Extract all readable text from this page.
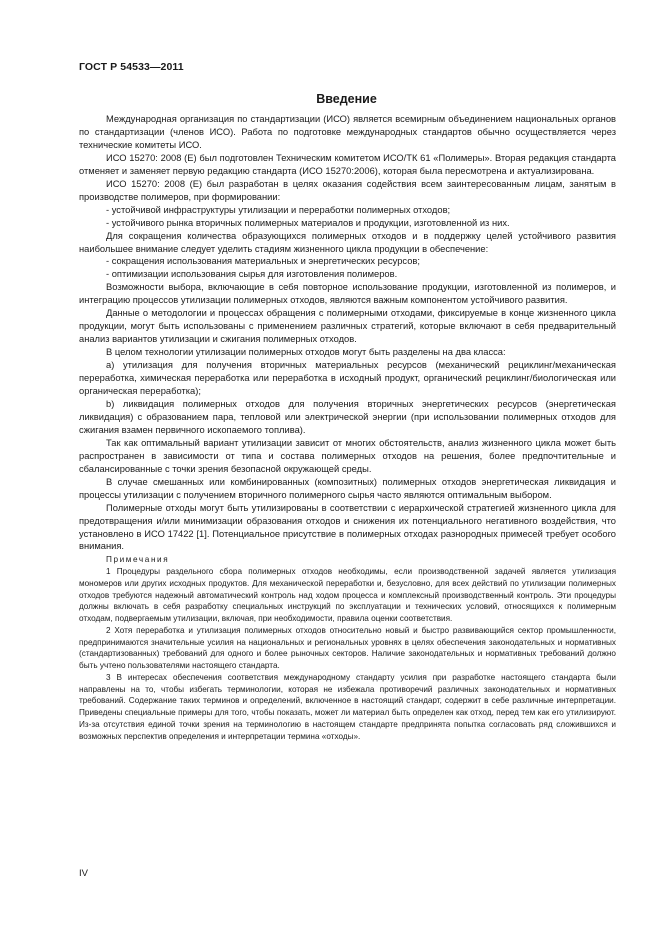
ГОСТ Р 54533—2011
Введение

Международная организация по стандартизации (ИСО) является всемирным объединением национальных органов по стандартизации (членов ИСО). Работа по подготовке международных стандартов обычно осуществляется через технические комитеты ИСО.

ИСО 15270: 2008 (Е) был подготовлен Техническим комитетом ИСО/ТК 61 «Полимеры». Вторая редакция стандарта отменяет и заменяет первую редакцию стандарта (ИСО 15270:2006), которая была пересмотрена и актуализирована.

ИСО 15270: 2008 (Е) был разработан в целях оказания содействия всем заинтересованным лицам, занятым в производстве полимеров, при формировании:

- устойчивой инфраструктуры утилизации и переработки полимерных отходов;

- устойчивого рынка вторичных полимерных материалов и продукции, изготовленной из них.

Для сокращения количества образующихся полимерных отходов и в поддержку целей устойчивого развития наибольшее внимание следует уделить стадиям жизненного цикла продукции в обеспечение:

- сокращения использования материальных и энергетических ресурсов;

- оптимизации использования сырья для изготовления полимеров.

Возможности выбора, включающие в себя повторное использование продукции, изготовленной из полимеров, и интеграцию процессов утилизации полимерных отходов, являются важным компонентом устойчивого развития.

Данные о методологии и процессах обращения с полимерными отходами, фиксируемые в конце жизненного цикла продукции, могут быть использованы с применением различных стратегий, которые включают в себя предварительный анализ вариантов утилизации и сжигания полимерных отходов.

В целом технологии утилизации полимерных отходов могут быть разделены на два класса:

а) утилизация для получения вторичных материальных ресурсов (механический рециклинг/механическая переработка, химическая переработка или переработка в исходный продукт, органический рециклинг/биологическая или органическая переработка);

b) ликвидация полимерных отходов для получения вторичных энергетических ресурсов (энергетическая ликвидация) с образованием пара, тепловой или электрической энергии (при использовании полимерных отходов для сжигания взамен первичного ископаемого топлива).

Так как оптимальный вариант утилизации зависит от многих обстоятельств, анализ жизненного цикла может быть распространен в зависимости от типа и состава полимерных отходов на решения, более предпочтительные и сбалансированные с точки зрения безопасной окружающей среды.

В случае смешанных или комбинированных (композитных) полимерных отходов энергетическая ликвидация и процессы утилизации с получением вторичного полимерного сырья часто являются оптимальным выбором.

Полимерные отходы могут быть утилизированы в соответствии с иерархической стратегией жизненного цикла для предотвращения и/или минимизации образования отходов и снижения их потенциального негативного воздействия, что установлено в ИСО 17422 [1]. Потенциальное присутствие в полимерных отходах разнородных примесей требует особого внимания.

Примечания

1 Процедуры раздельного сбора полимерных отходов необходимы, если производственной задачей является утилизация мономеров или других исходных продуктов. Для механической переработки и, безусловно, для всех действий по утилизации полимерных отходов требуются надежный автоматический контроль над ходом процесса и комплексный производственный контроль. Эти процедуры должны включать в себя разработку специальных инструкций по эксплуатации и технических условий, относящихся к полимерным отходам, подвергаемым утилизации, включая, при необходимости, правила оценки соответствия.

2 Хотя переработка и утилизация полимерных отходов относительно новый и быстро развивающийся сектор промышленности, предпринимаются значительные усилия на национальных и региональных уровнях в целях обеспечения законодательных и нормативных (стандартизованных) требований для одного и более рыночных секторов. Наличие законодательных и нормативных требований должно быть учтено пользователями настоящего стандарта.

3 В интересах обеспечения соответствия международному стандарту усилия при разработке настоящего стандарта были направлены на то, чтобы избегать терминологии, которая не избежала противоречий различных законодательных и нормативных требований. Содержание таких терминов и определений, включенное в настоящий стандарт, содержит в себе различные интерпретации. Приведены специальные примеры для того, чтобы показать, может ли материал быть определен как отход, перед тем как его утилизируют. Из-за отсутствия единой точки зрения на терминологию в настоящем стандарте предпринята попытка согласовать ряд сложившихся и возможных перспектив определения и интерпретации термина «отходы».

IV
